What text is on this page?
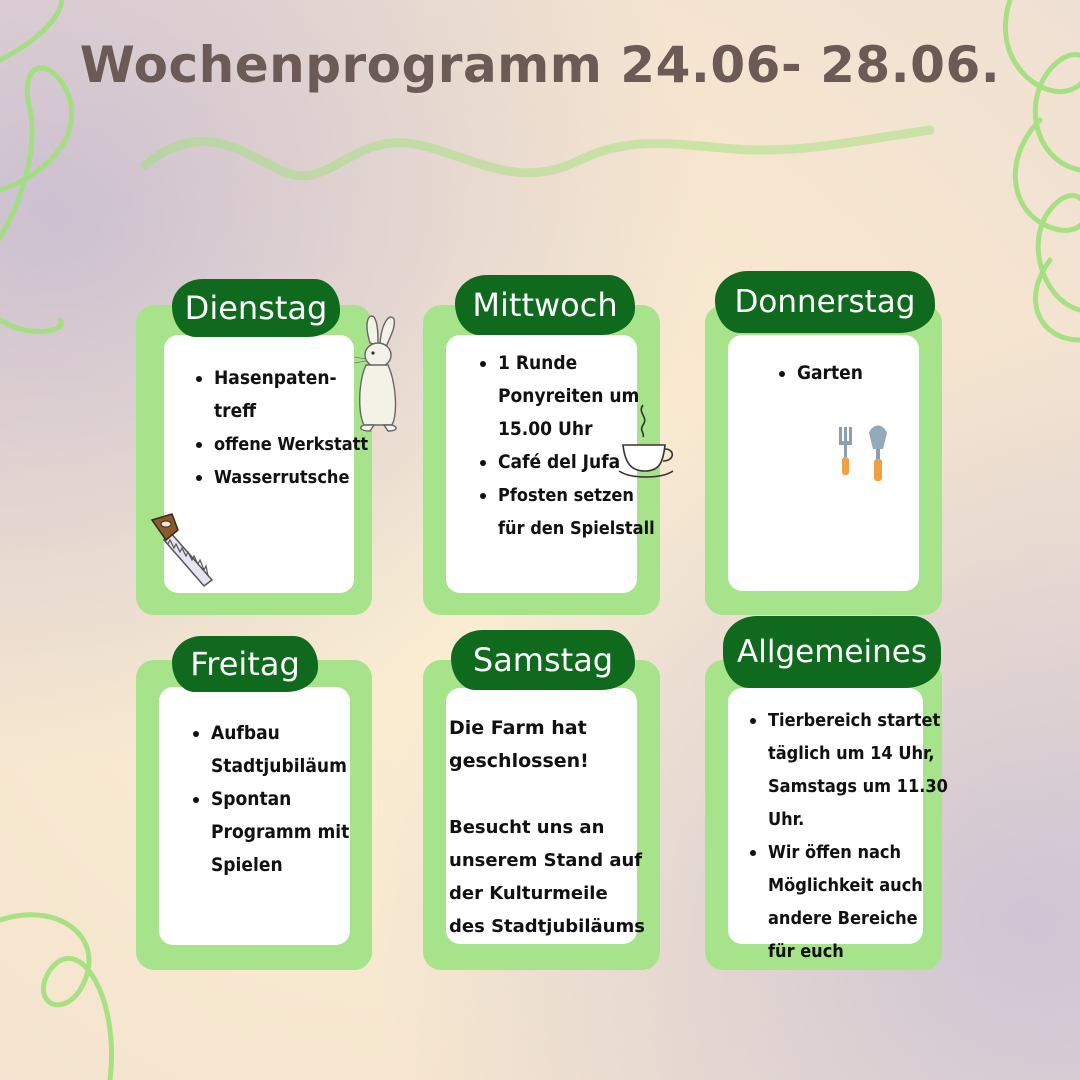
Wochenprogramm 24.06- 28.06.
Dienstag
Hasenpaten-treff
offene Werkstatt
Wasserrutsche
Mittwoch
1 Runde Ponyreiten um 15.00 Uhr
Café del Jufa
Pfosten setzen für den Spielstall
Donnerstag
Garten
Freitag
Aufbau Stadtjubiläum
Spontan Programm mit Spielen
Samstag
Die Farm hat geschlossen!
Besucht uns an unserem Stand auf der Kulturmeile des Stadtjubiläums
Allgemeines
Tierbereich startet täglich um 14 Uhr, Samstags um 11.30 Uhr.
Wir öffen nach Möglichkeit auch andere Bereiche für euch
